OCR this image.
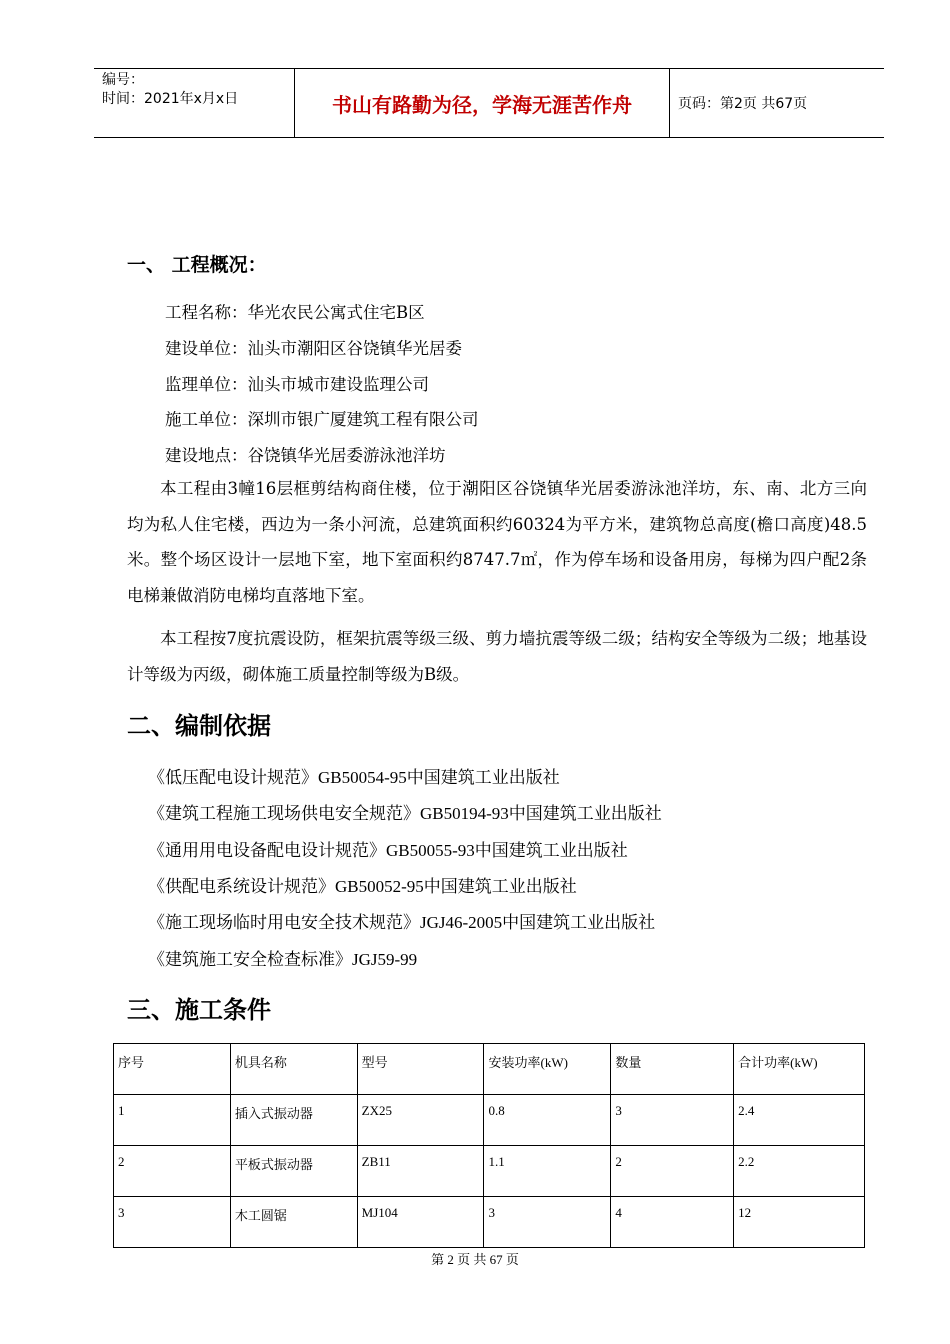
编号：
时间：2021年x月x日	书山有路勤为径，学海无涯苦作舟	页码：第2页 共67页
一、 工程概况：
工程名称：华光农民公寓式住宅B区
建设单位：汕头市潮阳区谷饶镇华光居委
监理单位：汕头市城市建设监理公司
施工单位：深圳市银广厦建筑工程有限公司
建设地点：谷饶镇华光居委游泳池洋坊
本工程由3幢16层框剪结构商住楼，位于潮阳区谷饶镇华光居委游泳池洋坊，东、南、北方三向均为私人住宅楼，西边为一条小河流，总建筑面积约60324为平方米，建筑物总高度(檐口高度)48.5米。整个场区设计一层地下室，地下室面积约8747.7㎡，作为停车场和设备用房，每梯为四户配2条电梯兼做消防电梯均直落地下室。
本工程按7度抗震设防，框架抗震等级三级、剪力墙抗震等级二级；结构安全等级为二级；地基设计等级为丙级，砌体施工质量控制等级为B级。
二、编制依据
《低压配电设计规范》GB50054-95中国建筑工业出版社
《建筑工程施工现场供电安全规范》GB50194-93中国建筑工业出版社
《通用用电设备配电设计规范》GB50055-93中国建筑工业出版社
《供配电系统设计规范》GB50052-95中国建筑工业出版社
《施工现场临时用电安全技术规范》JGJ46-2005中国建筑工业出版社
《建筑施工安全检查标准》JGJ59-99
三、施工条件
序号	机具名称	型号	安装功率(kW)	数量	合计功率(kW)
1	插入式振动器	ZX25	0.8	3	2.4
2	平板式振动器	ZB11	1.1	2	2.2
3	木工圆锯	MJ104	3	4	12
第 2 页 共 67 页
